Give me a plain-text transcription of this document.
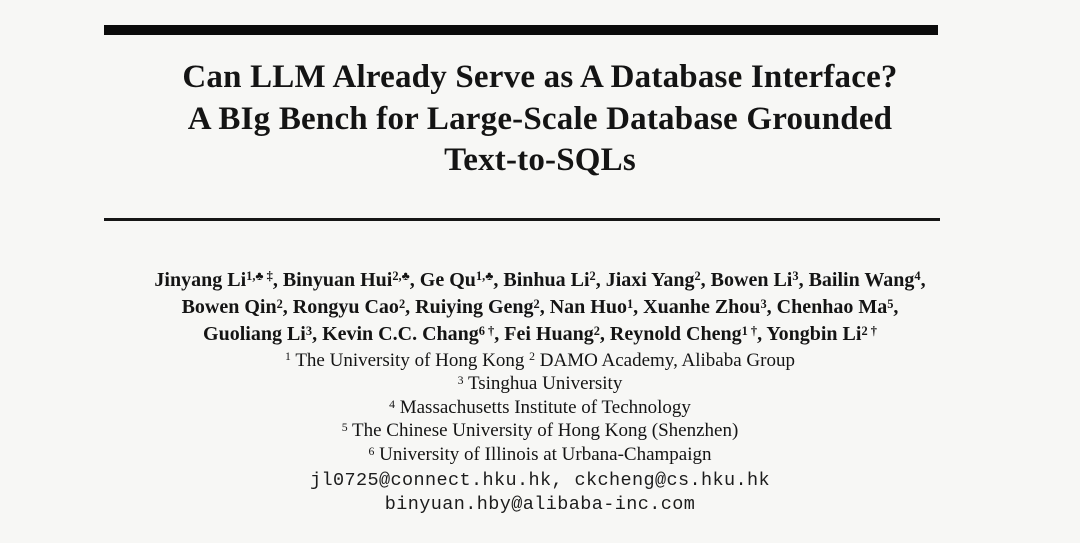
Can LLM Already Serve as A Database Interface?
A BIg Bench for Large-Scale Database Grounded
Text-to-SQLs
Jinyang $Li^{1,♣ \ddagger}$, Binyuan Hui$^{2,♣}$, Ge $Qu^{1,♣}$, Binhua Li$^2$, Jiaxi Yang$^2$, Bowen Li$^3$, Bailin Wang$^4$,
Bowen Qin$^2$, Rongyu Cao$^2$, Ruiying Geng$^2$, Nan Huo$^1$, Xuanhe Zhou$^3$, Chenhao Ma$^5$,
Guoliang Li$^3$, Kevin C.C. Chang$^{6 \dagger}$, Fei Huang$^2$, Reynold Cheng$^{1 \dagger}$, Yongbin $Li^{2 \dagger}$
$^1$ The University of Hong Kong $^2$ DAMO Academy, Alibaba Group
$^3$ Tsinghua University
$^4$ Massachusetts Institute of Technology
$^5$ The Chinese University of Hong Kong (Shenzhen)
$^6$ University of Illinois at Urbana-Champaign
jl0725@connect.hku.hk, ckcheng@cs.hku.hk
binyuan.hby@alibaba-inc.com
